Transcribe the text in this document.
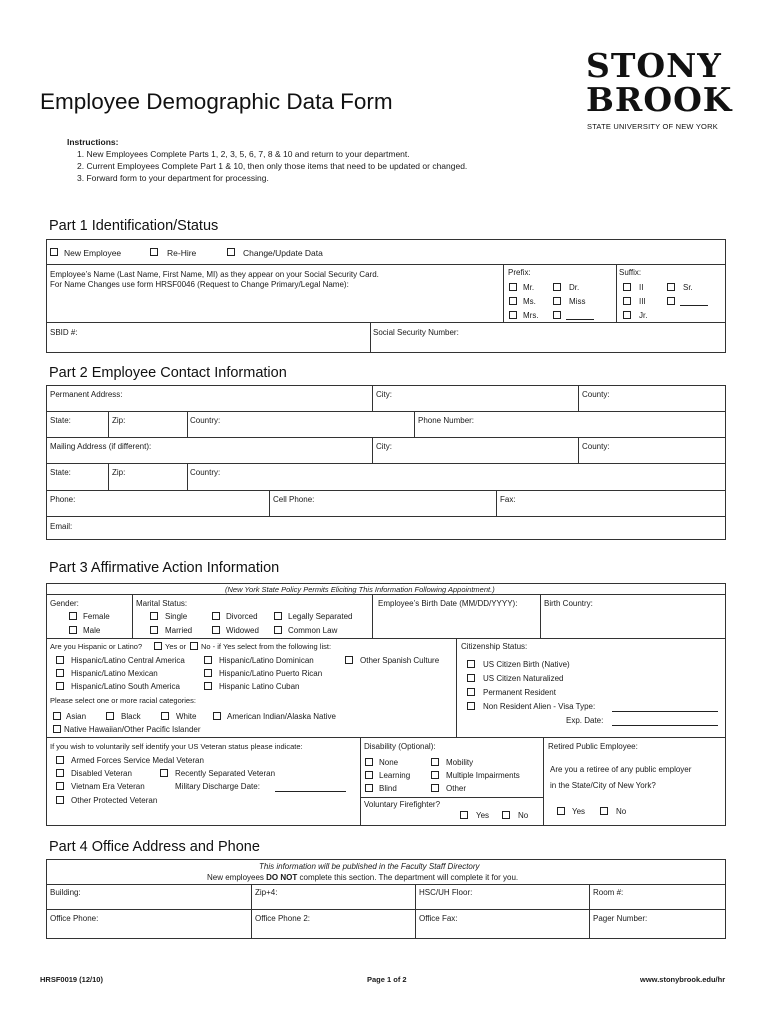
Employee Demographic Data Form
STONY
BROOK
STATE UNIVERSITY OF NEW YORK
Instructions:
1. New Employees Complete Parts 1, 2, 3, 5, 6, 7, 8 & 10 and return to your department.
2. Current Employees Complete Part 1 & 10, then only those items that need to be updated or changed.
3. Forward form to your department for processing.
Part 1 Identification/Status
New Employee	Re-Hire	Change/Update Data
Employee’s Name (Last Name, First Name, MI) as they appear on your Social Security Card.
For Name Changes use form HRSF0046 (Request to Change Primary/Legal Name):
Prefix:
Mr.
Ms.
Mrs.
Dr.
Miss
Suffix:
II
III
Jr.
Sr.
SBID #:	Social Security Number:
Part 2 Employee Contact Information
Permanent Address:	City:	County:
State:	Zip:	Country:	Phone Number:
Mailing Address (if different):	City:	County:
State:	Zip:	Country:
Phone:	Cell Phone:	Fax:
Email:
Part 3 Affirmative Action Information
(New York State Policy Permits Eliciting This Information Following Appointment.)
Gender:
Female
Male
Marital Status:
Single
Married
Divorced
Widowed
Legally Separated
Common Law
Employee’s Birth Date (MM/DD/YYYY):	Birth Country:
Are you Hispanic or Latino?	Yes or No - if Yes select from the following list:
Hispanic/Latino Central America	Hispanic/Latino Dominican	Other Spanish Culture
Hispanic/Latino Mexican	Hispanic/Latino Puerto Rican
Hispanic/Latino South America	Hispanic Latino Cuban
Please select one or more racial categories:
Asian	Black	White	American Indian/Alaska Native
Native Hawaiian/Other Pacific Islander
Citizenship Status:
US Citizen Birth (Native)
US Citizen Naturalized
Permanent Resident
Non Resident Alien - Visa Type:
Exp. Date:
If you wish to voluntarily self identify your US Veteran status please indicate:
Armed Forces Service Medal Veteran
Disabled Veteran	Recently Separated Veteran
Vietnam Era Veteran	Military Discharge Date:
Other Protected Veteran
Disability (Optional):
None	Mobility
Learning	Multiple Impairments
Blind	Other
Voluntary Firefighter?
Yes	No
Retired Public Employee:
Are you a retiree of any public employer
in the State/City of New York?
Yes	No
Part 4 Office Address and Phone
This information will be published in the Faculty Staff Directory
New employees DO NOT complete this section. The department will complete it for you.
Building:	Zip+4:	HSC/UH Floor:	Room #:
Office Phone:	Office Phone 2:	Office Fax:	Pager Number:
HRSF0019 (12/10)	Page 1 of 2	www.stonybrook.edu/hr
